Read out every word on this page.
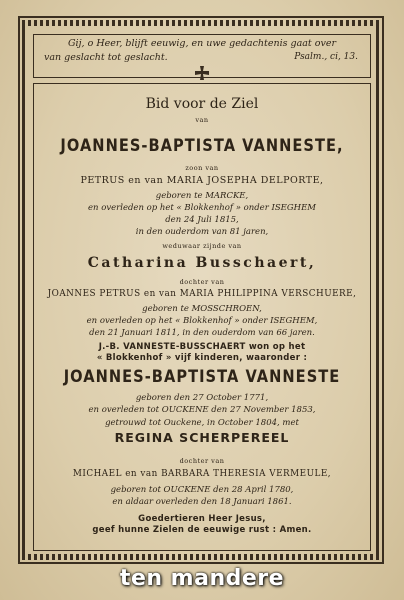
Gij, o Heer, blijft eeuwig, en uwe gedachtenis gaat over
van geslacht tot geslacht.	Psalm., ci, 13.
Bid voor de Ziel
van
JOANNES-BAPTISTA VANNESTE,
zoon van
PETRUS en van MARIA JOSEPHA DELPORTE,
geboren te MARCKE,
en overleden op het « Blokkenhof » onder ISEGHEM
den 24 Juli 1815,
in den ouderdom van 81 jaren,
weduwaar zijnde van
Catharina Busschaert,
dochter van
JOANNES PETRUS en van MARIA PHILIPPINA VERSCHUERE,
geboren te MOSSCHROEN,
en overleden op het « Blokkenhof » onder ISEGHEM,
den 21 Januari 1811, in den ouderdom van 66 jaren.
J.-B. VANNESTE-BUSSCHAERT won op het
« Blokkenhof » vijf kinderen, waaronder :
JOANNES-BAPTISTA VANNESTE
geboren den 27 October 1771,
en overleden tot OUCKENE den 27 November 1853,
getrouwd tot Ouckene, in October 1804, met
REGINA SCHERPEREEL
dochter van
MICHAEL en van BARBARA THERESIA VERMEULE,
geboren tot OUCKENE den 28 April 1780,
en aldaar overleden den 18 Januari 1861.
Goedertieren Heer Jesus,
geef hunne Zielen de eeuwige rust : Amen.
ten mandere
